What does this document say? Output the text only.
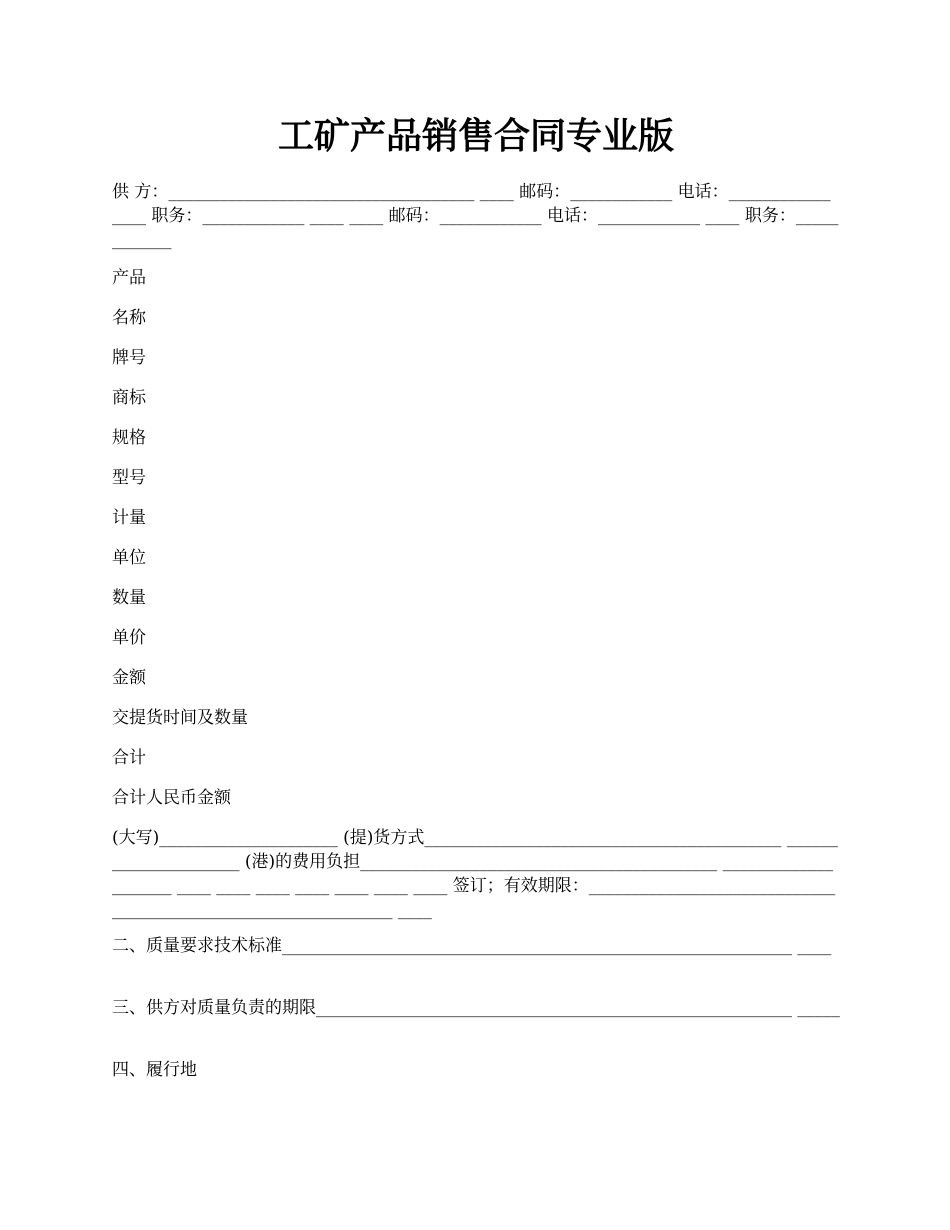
工矿产品销售合同专业版

供 方：____________________________________ ____ 邮码：____________ 电话：____________ ____ 职务：____________ ____ ____ 邮码：____________ 电话：____________ ____ 职务：____________

产品

名称

牌号

商标

规格

型号

计量

单位

数量

单价

金额

交提货时间及数量

合计

合计人民币金额

(大写)_____________________ (提)货方式__________________________________________ _____________________ (港)的费用负担__________________________________________ ____________________ ____ ____ ____ ____ ____ ____ ____ 签订；有效期限：______________________________________________________________ ____

二、质量要求技术标准____________________________________________________________ ____

三、供方对质量负责的期限________________________________________________________ _____

四、履行地
